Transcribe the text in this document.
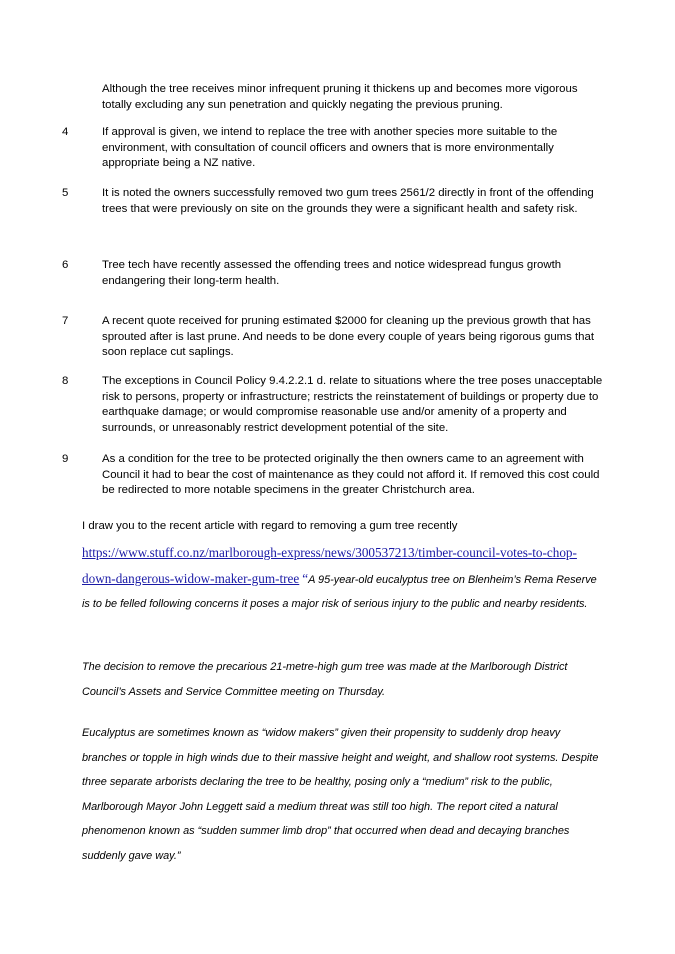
Although the tree receives minor infrequent pruning it thickens up and becomes more vigorous totally excluding any sun penetration and quickly negating the previous pruning.

4	If approval is given, we intend to replace the tree with another species more suitable to the environment, with consultation of council officers and owners that is more environmentally appropriate being a NZ native.

5	It is noted the owners successfully removed two gum trees 2561/2 directly in front of the offending trees that were previously on site on the grounds they were a significant health and safety risk.

6	Tree tech have recently assessed the offending trees and notice widespread fungus growth endangering their long-term health.

7	A recent quote received for pruning estimated $2000 for cleaning up the previous growth that has sprouted after is last prune. And needs to be done every couple of years being rigorous gums that soon replace cut saplings.

8	The exceptions in Council Policy 9.4.2.2.1 d. relate to situations where the tree poses unacceptable risk to persons, property or infrastructure; restricts the reinstatement of buildings or property due to earthquake damage; or would compromise reasonable use and/or amenity of a property and surrounds, or unreasonably restrict development potential of the site.

9	As a condition for the tree to be protected originally the then owners came to an agreement with Council it had to bear the cost of maintenance as they could not afford it. If removed this cost could be redirected to more notable specimens in the greater Christchurch area.

I draw you to the recent article with regard to removing a gum tree recently

https://www.stuff.co.nz/marlborough-express/news/300537213/timber-council-votes-to-chop-down-dangerous-widow-maker-gum-tree “A 95-year-old eucalyptus tree on Blenheim’s Rema Reserve is to be felled following concerns it poses a major risk of serious injury to the public and nearby residents.

The decision to remove the precarious 21-metre-high gum tree was made at the Marlborough District Council’s Assets and Service Committee meeting on Thursday.

Eucalyptus are sometimes known as “widow makers” given their propensity to suddenly drop heavy branches or topple in high winds due to their massive height and weight, and shallow root systems. Despite three separate arborists declaring the tree to be healthy, posing only a “medium” risk to the public, Marlborough Mayor John Leggett said a medium threat was still too high. The report cited a natural phenomenon known as “sudden summer limb drop” that occurred when dead and decaying branches suddenly gave way.”
